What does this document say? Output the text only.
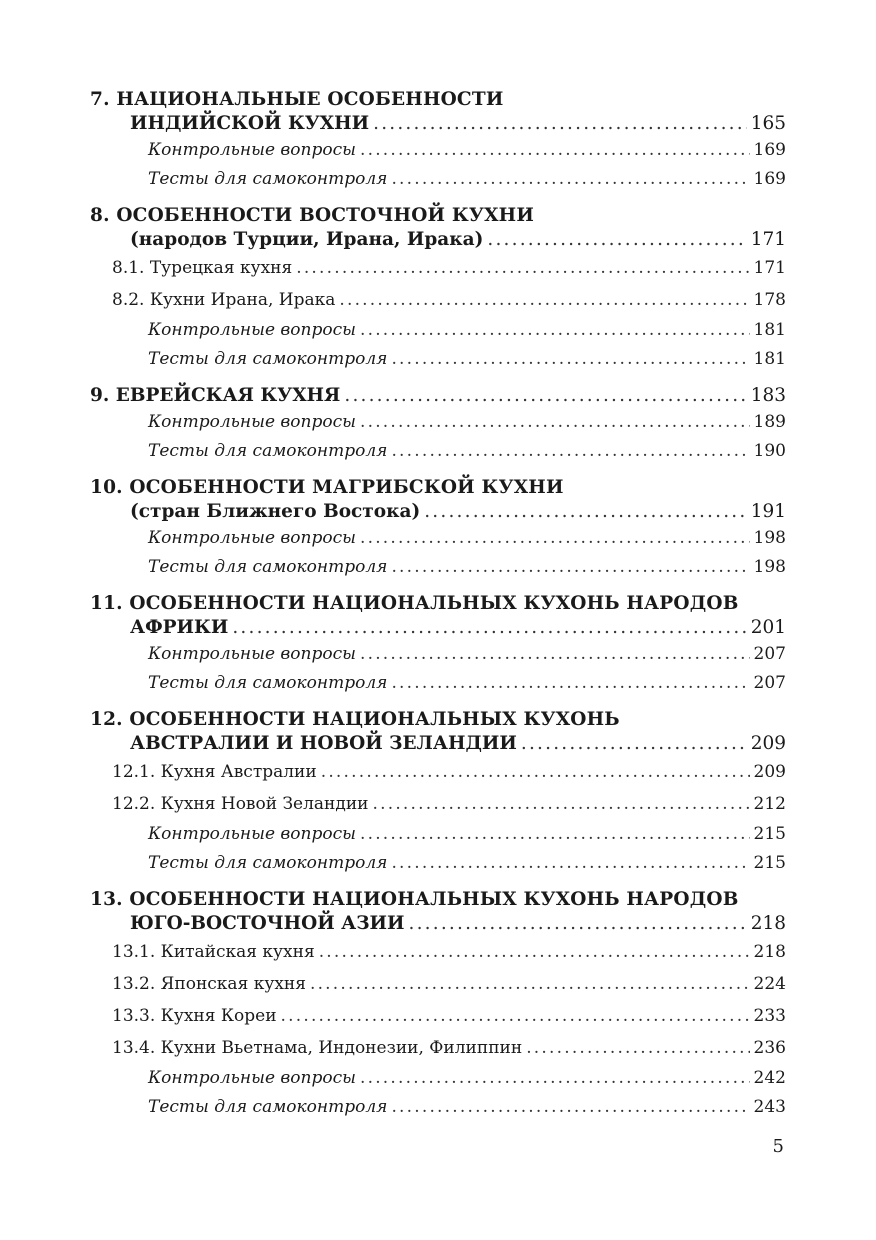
7. НАЦИОНАЛЬНЫЕ ОСОБЕННОСТИ
ИНДИЙСКОЙ КУХНИ .....	165
Контрольные вопросы .....	169
Тесты для самоконтроля .....	169
8. ОСОБЕННОСТИ ВОСТОЧНОЙ КУХНИ
(народов Турции, Ирана, Ирака) .....	171
8.1. Турецкая кухня .....	171
8.2. Кухни Ирана, Ирака .....	178
Контрольные вопросы .....	181
Тесты для самоконтроля .....	181
9. ЕВРЕЙСКАЯ КУХНЯ .....	183
Контрольные вопросы .....	189
Тесты для самоконтроля .....	190
10. ОСОБЕННОСТИ МАГРИБСКОЙ КУХНИ
(стран Ближнего Востока) .....	191
Контрольные вопросы .....	198
Тесты для самоконтроля .....	198
11. ОСОБЕННОСТИ НАЦИОНАЛЬНЫХ КУХОНЬ НАРОДОВ
АФРИКИ .....	201
Контрольные вопросы .....	207
Тесты для самоконтроля .....	207
12. ОСОБЕННОСТИ НАЦИОНАЛЬНЫХ КУХОНЬ
АВСТРАЛИИ И НОВОЙ ЗЕЛАНДИИ .....	209
12.1. Кухня Австралии .....	209
12.2. Кухня Новой Зеландии .....	212
Контрольные вопросы .....	215
Тесты для самоконтроля .....	215
13. ОСОБЕННОСТИ НАЦИОНАЛЬНЫХ КУХОНЬ НАРОДОВ
ЮГО-ВОСТОЧНОЙ АЗИИ .....	218
13.1. Китайская кухня .....	218
13.2. Японская кухня .....	224
13.3. Кухня Кореи .....	233
13.4. Кухни Вьетнама, Индонезии, Филиппин .....	236
Контрольные вопросы .....	242
Тесты для самоконтроля .....	243
5
